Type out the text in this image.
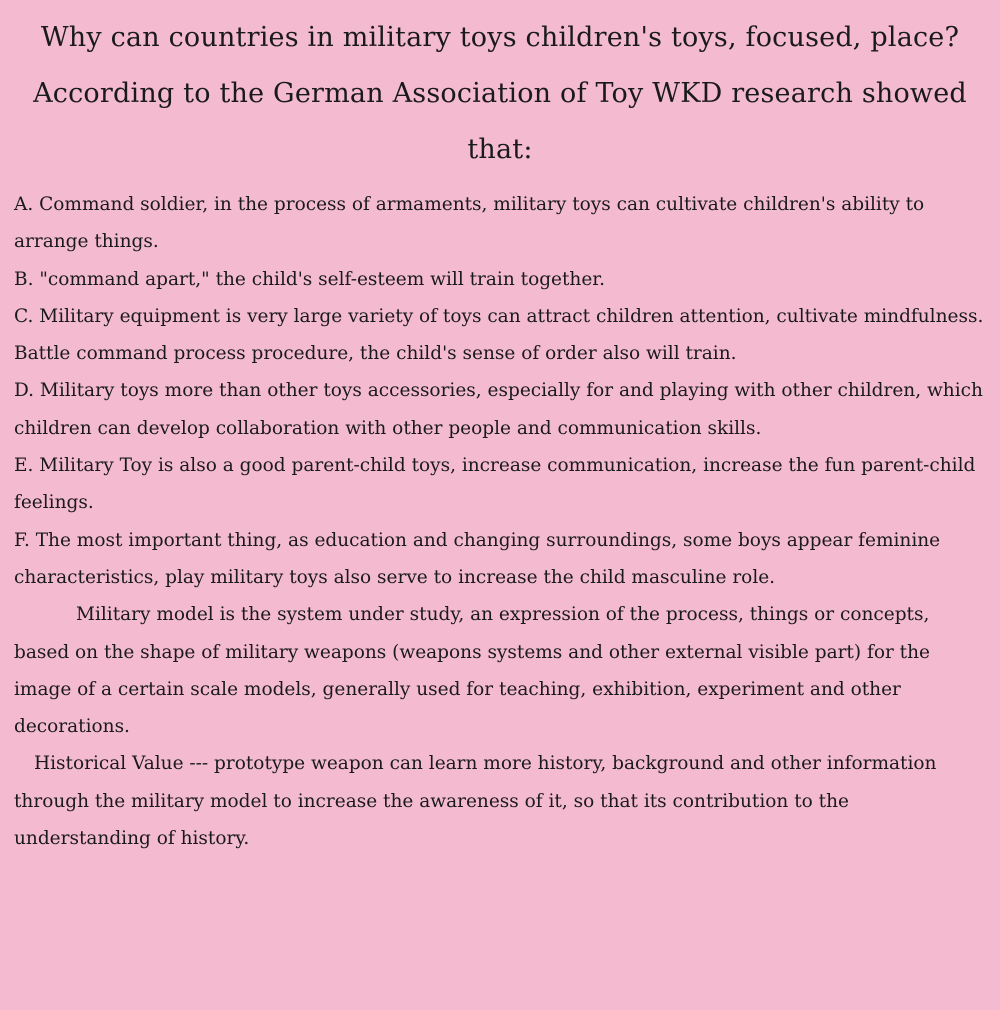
Why can countries in military toys children's toys, focused, place? According to the German Association of Toy WKD research showed that:

A. Command soldier, in the process of armaments, military toys can cultivate children's ability to arrange things.

B. "command apart," the child's self-esteem will train together.

C. Military equipment is very large variety of toys can attract children attention, cultivate mindfulness. Battle command process procedure, the child's sense of order also will train.

D. Military toys more than other toys accessories, especially for and playing with other children, which children can develop collaboration with other people and communication skills.

E. Military Toy is also a good parent-child toys, increase communication, increase the fun parent-child feelings.

F. The most important thing, as education and changing surroundings, some boys appear feminine characteristics, play military toys also serve to increase the child masculine role.

Military model is the system under study, an expression of the process, things or concepts, based on the shape of military weapons (weapons systems and other external visible part) for the image of a certain scale models, generally used for teaching, exhibition, experiment and other decorations.

Historical Value --- prototype weapon can learn more history, background and other information through the military model to increase the awareness of it, so that its contribution to the understanding of history.
